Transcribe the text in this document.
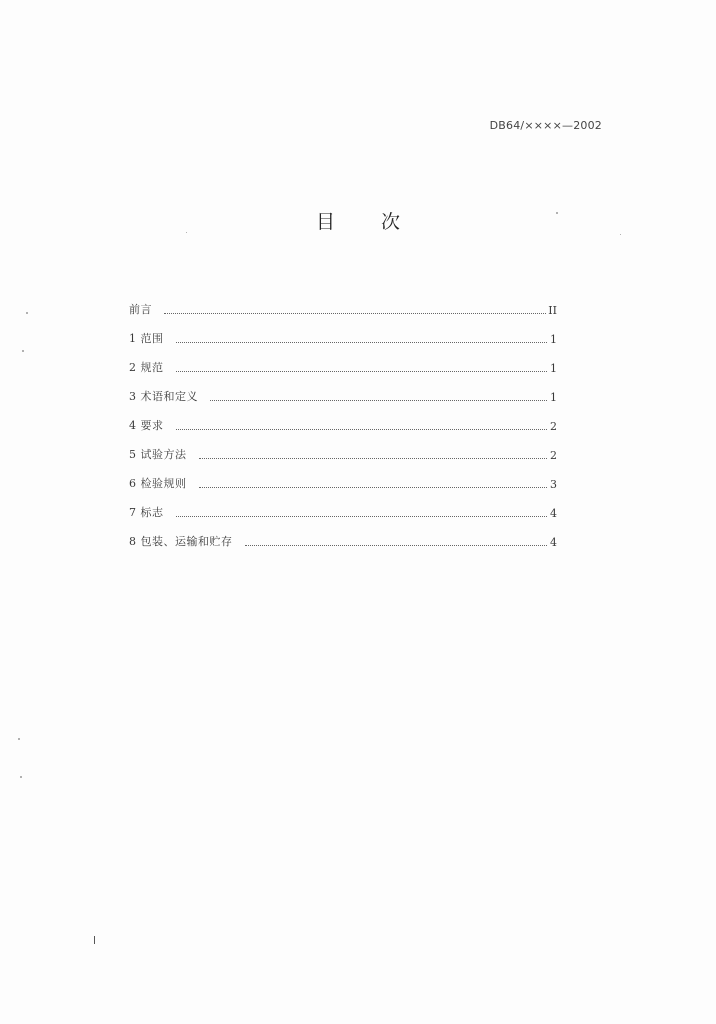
DB64/××××—2002
目 次
前言	II
1 范围	1
2 规范	1
3 术语和定义	1
4 要求	2
5 试验方法	2
6 检验规则	3
7 标志	4
8 包装、运输和贮存	4
